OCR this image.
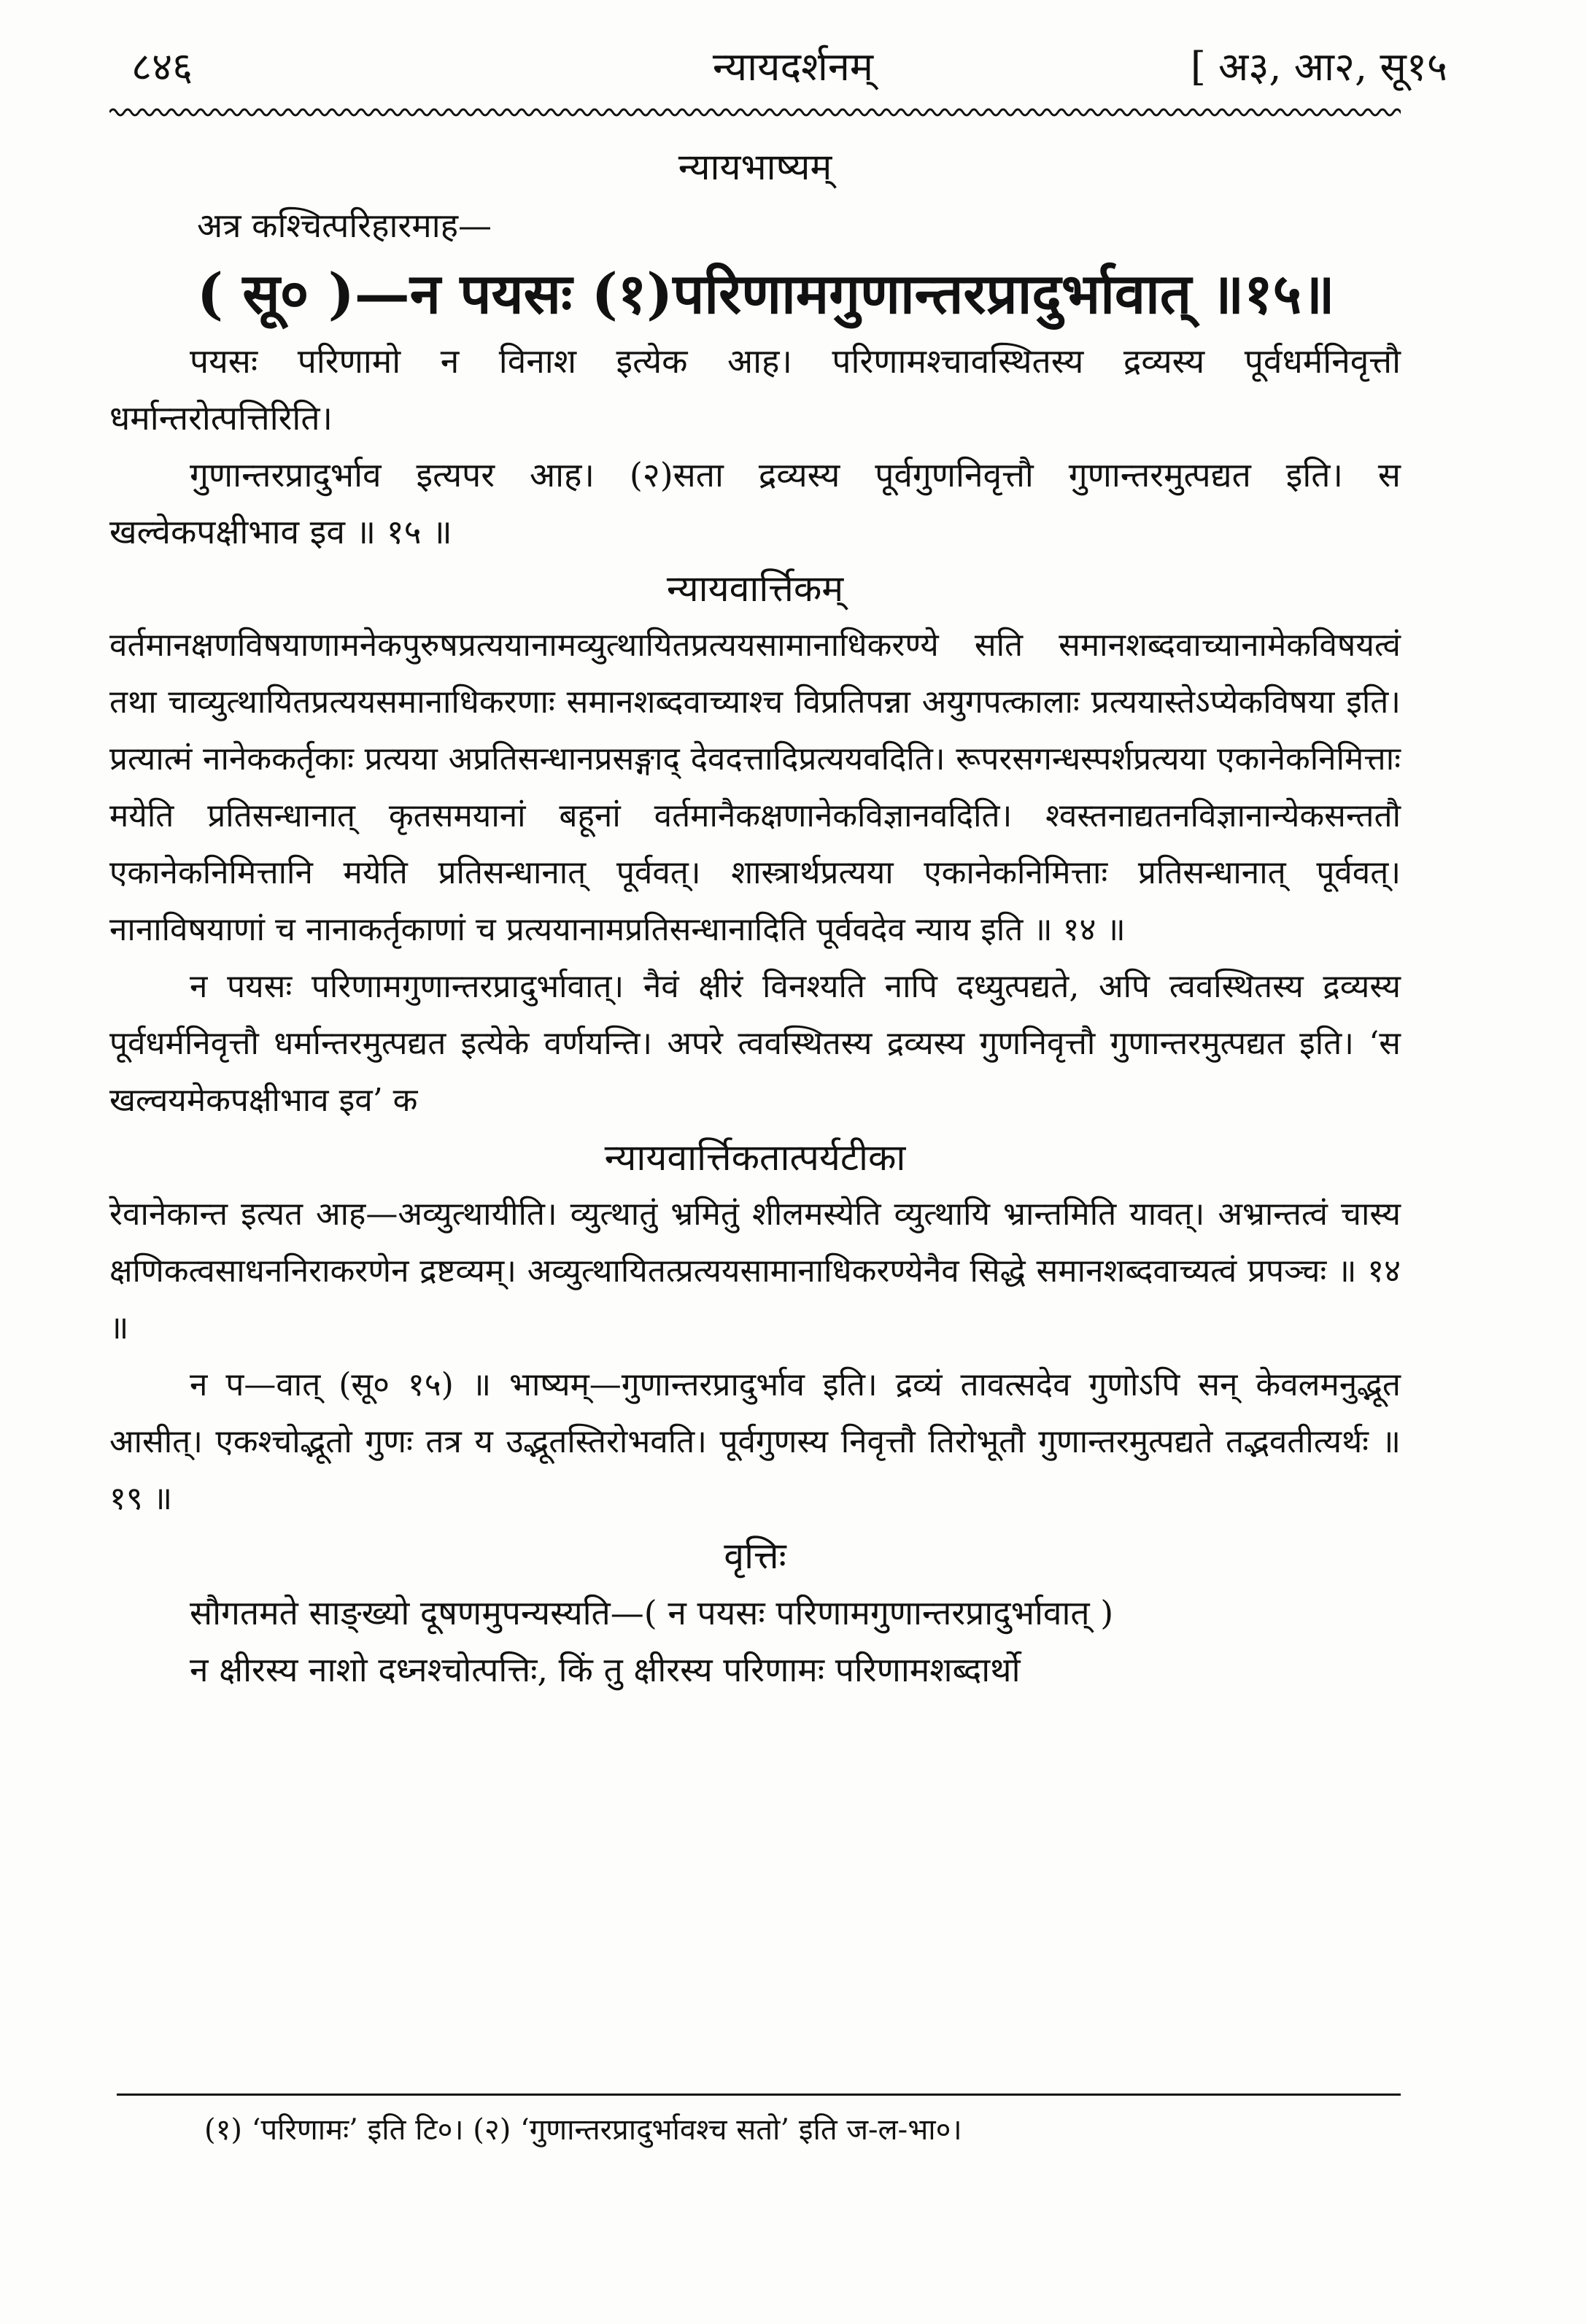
८४६	न्यायदर्शनम्	[ अ३, आ२, सू१५
न्यायभाष्यम्
अत्र कश्चित्परिहारमाह—
( सू० )—न पयसः (१)परिणामगुणान्तरप्रादुर्भावात् ॥१५॥

पयसः परिणामो न विनाश इत्येक आह। परिणामश्चावस्थितस्य द्रव्यस्य पूर्वधर्मनिवृत्तौ धर्मान्तरोत्पत्तिरिति।

गुणान्तरप्रादुर्भाव इत्यपर आह। (२)सता द्रव्यस्य पूर्वगुणनिवृत्तौ गुणान्तरमुत्पद्यत इति। स खल्वेकपक्षीभाव इव ॥ १५ ॥

न्यायवार्त्तिकम्

वर्तमानक्षणविषयाणामनेकपुरुषप्रत्ययानामव्युत्थायितप्रत्ययसामानाधिकरण्ये सति समानशब्दवाच्यानामेकविषयत्वं तथा चाव्युत्थायितप्रत्ययसमानाधिकरणाः समानशब्दवाच्याश्च विप्रतिपन्ना अयुगपत्कालाः प्रत्ययास्तेऽप्येकविषया इति। प्रत्यात्मं नानेककर्तृकाः प्रत्यया अप्रतिसन्धानप्रसङ्गाद् देवदत्तादिप्रत्ययवदिति। रूपरसगन्धस्पर्शप्रत्यया एकानेकनिमित्ताः मयेति प्रतिसन्धानात् कृतसमयानां बहूनां वर्तमानैकक्षणानेकविज्ञानवदिति। श्वस्तनाद्यतनविज्ञानान्येकसन्ततौ एकानेकनिमित्तानि मयेति प्रतिसन्धानात् पूर्ववत्। शास्त्रार्थप्रत्यया एकानेकनिमित्ताः प्रतिसन्धानात् पूर्ववत्। नानाविषयाणां च नानाकर्तृकाणां च प्रत्ययानामप्रतिसन्धानादिति पूर्ववदेव न्याय इति ॥ १४ ॥

न पयसः परिणामगुणान्तरप्रादुर्भावात्। नैवं क्षीरं विनश्यति नापि दध्युत्पद्यते, अपि त्ववस्थितस्य द्रव्यस्य पूर्वधर्मनिवृत्तौ धर्मान्तरमुत्पद्यत इत्येके वर्णयन्ति। अपरे त्ववस्थितस्य द्रव्यस्य गुणनिवृत्तौ गुणान्तरमुत्पद्यत इति। ‘स खल्वयमेकपक्षीभाव इव’ क

न्यायवार्त्तिकतात्पर्यटीका

रेवानेकान्त इत्यत आह—अव्युत्थायीति। व्युत्थातुं भ्रमितुं शीलमस्येति व्युत्थायि भ्रान्तमिति यावत्। अभ्रान्तत्वं चास्य क्षणिकत्वसाधननिराकरणेन द्रष्टव्यम्। अव्युत्थायितत्प्रत्ययसामानाधिकरण्येनैव सिद्धे समानशब्दवाच्यत्वं प्रपञ्चः ॥ १४ ॥

न प—वात् (सू० १५) ॥ भाष्यम्—गुणान्तरप्रादुर्भाव इति। द्रव्यं तावत्सदेव गुणोऽपि सन् केवलमनुद्भूत आसीत्। एकश्चोद्भूतो गुणः तत्र य उद्भूतस्तिरोभवति। पूर्वगुणस्य निवृत्तौ तिरोभूतौ गुणान्तरमुत्पद्यते तद्भवतीत्यर्थः ॥ १९ ॥

वृत्तिः

सौगतमते साङ्ख्यो दूषणमुपन्यस्यति—( न पयसः परिणामगुणान्तरप्रादुर्भावात् )

न क्षीरस्य नाशो दध्नश्चोत्पत्तिः, किं तु क्षीरस्य परिणामः परिणामशब्दार्थो

(१) ‘परिणामः’ इति टि०। (२) ‘गुणान्तरप्रादुर्भावश्च सतो’ इति ज-ल-भा०।
